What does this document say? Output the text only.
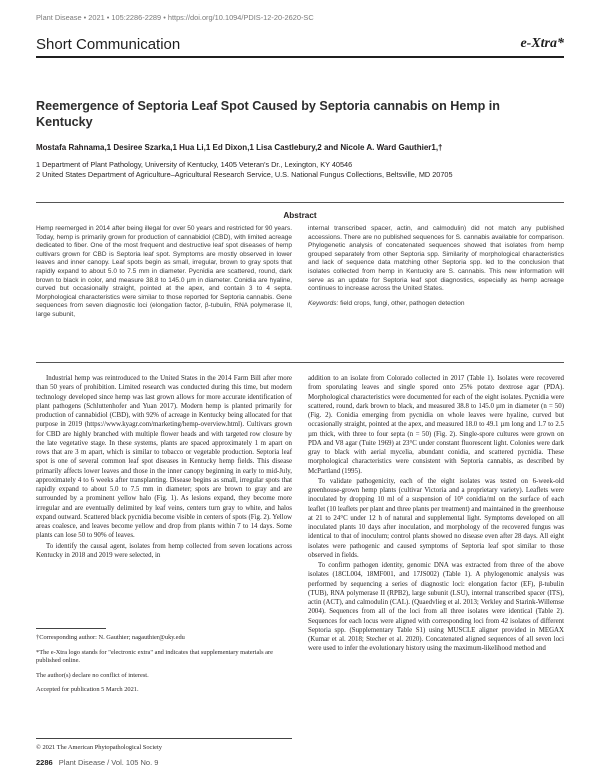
Plant Disease • 2021 • 105:2286-2289 • https://doi.org/10.1094/PDIS-12-20-2620-SC
Short Communication	e-Xtra*
Reemergence of Septoria Leaf Spot Caused by Septoria cannabis on Hemp in Kentucky
Mostafa Rahnama,1 Desiree Szarka,1 Hua Li,1 Ed Dixon,1 Lisa Castlebury,2 and Nicole A. Ward Gauthier1,†
1 Department of Plant Pathology, University of Kentucky, 1405 Veteran's Dr., Lexington, KY 40546
2 United States Department of Agriculture–Agricultural Research Service, U.S. National Fungus Collections, Beltsville, MD 20705
Abstract

Hemp reemerged in 2014 after being illegal for over 50 years and restricted for 90 years. Today, hemp is primarily grown for production of cannabidiol (CBD), with limited acreage dedicated to fiber. One of the most frequent and destructive leaf spot diseases of hemp cultivars grown for CBD is Septoria leaf spot. Symptoms are mostly observed in lower leaves and inner canopy. Leaf spots begin as small, irregular, brown to gray spots that rapidly expand to about 5.0 to 7.5 mm in diameter. Pycnidia are scattered, round, dark brown to black in color, and measure 38.8 to 145.0 µm in diameter. Conidia are hyaline, curved but occasionally straight, pointed at the apex, and contain 3 to 4 septa. Morphological characteristics were similar to those reported for Septoria cannabis. Gene sequences from seven diagnostic loci (elongation factor, β-tubulin, RNA polymerase II, large subunit,

internal transcribed spacer, actin, and calmodulin) did not match any published accessions. There are no published sequences for S. cannabis available for comparison. Phylogenetic analysis of concatenated sequences showed that isolates from hemp grouped separately from other Septoria spp. Similarity of morphological characteristics and lack of sequence data matching other Septoria spp. led to the conclusion that isolates collected from hemp in Kentucky are S. cannabis. This new information will serve as an update for Septoria leaf spot diagnostics, especially as hemp acreage continues to increase across the United States.
Keywords: field crops, fungi, other, pathogen detection

Industrial hemp was reintroduced to the United States in the 2014 Farm Bill after more than 50 years of prohibition. Limited research was conducted during this time, but modern technology developed since hemp was last grown allows for more accurate identification of plant pathogens (Schluttenhofer and Yuan 2017). Modern hemp is planted primarily for production of cannabidiol (CBD), with 92% of acreage in Kentucky being allocated for that purpose in 2019 (https://www.kyagr.com/marketing/hemp-overview.html). Cultivars grown for CBD are highly branched with multiple flower heads and with targeted row closure by the late vegetative stage. In these systems, plants are spaced approximately 1 m apart on rows that are 3 m apart, which is similar to tobacco or vegetable production. Septoria leaf spot is one of several common leaf spot diseases in Kentucky hemp fields. This disease primarily affects lower leaves and those in the inner canopy beginning in early to mid-July, approximately 4 to 6 weeks after transplanting. Disease begins as small, irregular spots that rapidly expand to about 5.0 to 7.5 mm in diameter; spots are brown to gray and are surrounded by a prominent yellow halo (Fig. 1). As lesions expand, they become more irregular and are eventually delimited by leaf veins, centers turn gray to white, and halos expand outward. Scattered black pycnidia become visible in centers of spots (Fig. 2). Yellow areas coalesce, and leaves become yellow and drop from plants within 7 to 14 days. Some plants can lose 50 to 90% of leaves.

To identify the causal agent, isolates from hemp collected from seven locations across Kentucky in 2018 and 2019 were selected, in

addition to an isolate from Colorado collected in 2017 (Table 1). Isolates were recovered from sporulating leaves and single spored onto 25% potato dextrose agar (PDA). Morphological characteristics were documented for each of the eight isolates. Pycnidia were scattered, round, dark brown to black, and measured 38.8 to 145.0 µm in diameter (n = 50) (Fig. 2). Conidia emerging from pycnidia on whole leaves were hyaline, curved but occasionally straight, pointed at the apex, and measured 18.0 to 49.1 µm long and 1.7 to 2.5 µm thick, with three to four septa (n = 50) (Fig. 2). Single-spore cultures were grown on PDA and V8 agar (Tuite 1969) at 23°C under constant fluorescent light. Colonies were dark gray to black with aerial mycelia, abundant conidia, and scattered pycnidia. These morphological characteristics were consistent with Septoria cannabis, as described by McPartland (1995).

To validate pathogenicity, each of the eight isolates was tested on 6-week-old greenhouse-grown hemp plants (cultivar Victoria and a proprietary variety). Leaflets were inoculated by dropping 10 ml of a suspension of 10⁵ conidia/ml on the surface of each leaflet (10 leaflets per plant and three plants per treatment) and maintained in the greenhouse at 21 to 24°C under 12 h of natural and supplemental light. Symptoms developed on all inoculated plants 10 days after inoculation, and morphology of the recovered fungus was identical to that of inoculum; control plants showed no disease even after 28 days. All eight isolates were pathogenic and caused symptoms of Septoria leaf spot similar to those observed in fields.

To confirm pathogen identity, genomic DNA was extracted from three of the above isolates (18CL004, 18MF001, and 17JS002) (Table 1). A phylogenomic analysis was performed by sequencing a series of diagnostic loci: elongation factor (EF), β-tubulin (TUB), RNA polymerase II (RPB2), large subunit (LSU), internal transcribed spacer (ITS), actin (ACT), and calmodulin (CAL). (Quaedvlieg et al. 2013; Verkley and Starink-Willemse 2004). Sequences from all of the loci from all three isolates were identical (Table 2). Sequences for each locus were aligned with corresponding loci from 42 isolates of different Septoria spp. (Supplementary Table S1) using MUSCLE aligner provided in MEGAX (Kumar et al. 2018; Stecher et al. 2020). Concatenated aligned sequences of all seven loci were used to infer the evolutionary history using the maximum-likelihood method and

†Corresponding author: N. Gauthier; nagauthier@uky.edu

*The e-Xtra logo stands for "electronic extra" and indicates that supplementary materials are published online.

The author(s) declare no conflict of interest.

Accepted for publication 5 March 2021.

© 2021 The American Phytopathological Society
2286 Plant Disease / Vol. 105 No. 9
